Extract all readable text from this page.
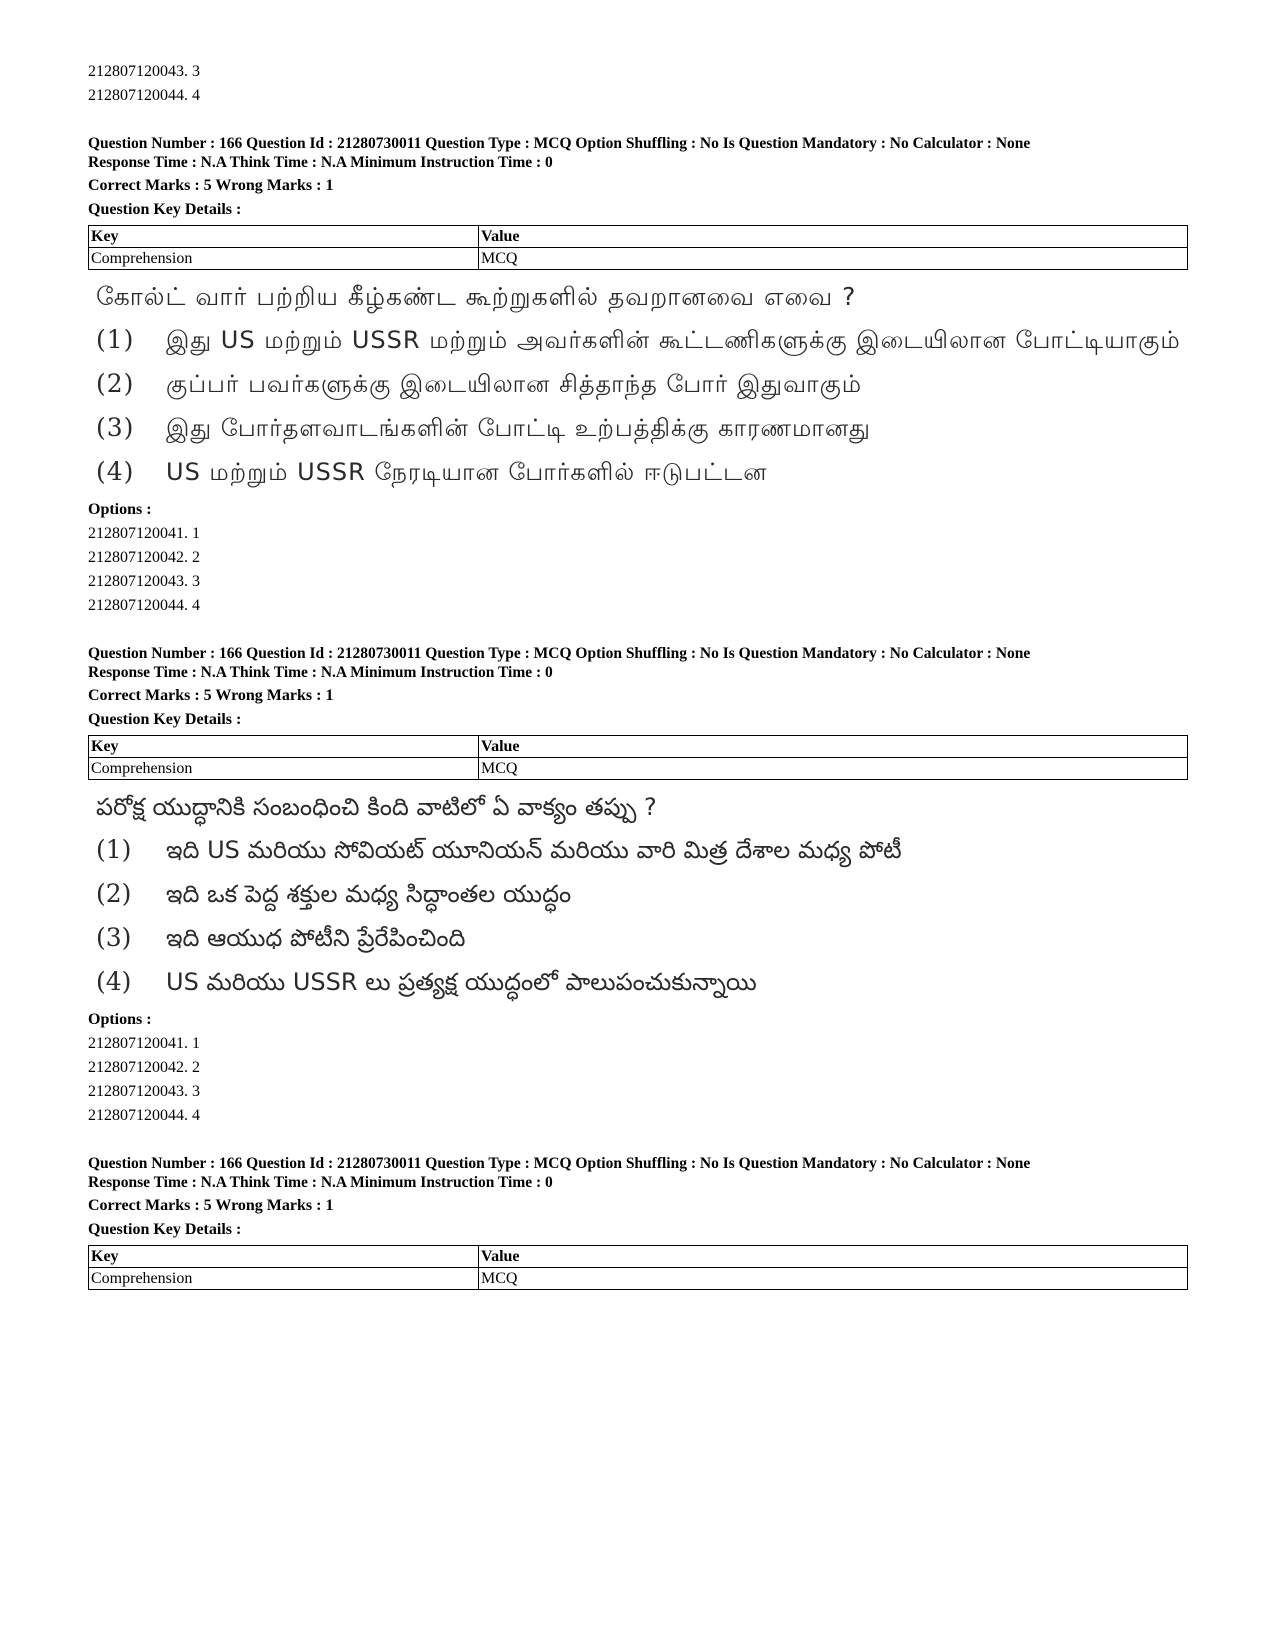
212807120043. 3
212807120044. 4
Question Number : 166 Question Id : 21280730011 Question Type : MCQ Option Shuffling : No Is Question Mandatory : No Calculator : None
Response Time : N.A Think Time : N.A Minimum Instruction Time : 0
Correct Marks : 5 Wrong Marks : 1
Question Key Details :
Key	Value
Comprehension	MCQ
கோல்ட் வார் பற்றிய கீழ்கண்ட கூற்றுகளில் தவறானவை எவை ?
(1)	இது US மற்றும் USSR மற்றும் அவர்களின் கூட்டணிகளுக்கு இடையிலான போட்டியாகும்
(2)	குப்பர் பவர்களுக்கு இடையிலான சித்தாந்த போர் இதுவாகும்
(3)	இது போர்தளவாடங்களின் போட்டி உற்பத்திக்கு காரணமானது
(4)	US மற்றும் USSR நேரடியான போர்களில் ஈடுபட்டன
Options :
212807120041. 1
212807120042. 2
212807120043. 3
212807120044. 4
Question Number : 166 Question Id : 21280730011 Question Type : MCQ Option Shuffling : No Is Question Mandatory : No Calculator : None
Response Time : N.A Think Time : N.A Minimum Instruction Time : 0
Correct Marks : 5 Wrong Marks : 1
Question Key Details :
Key	Value
Comprehension	MCQ
పరోక్ష యుద్ధానికి సంబంధించి కింది వాటిలో ఏ వాక్యం తప్పు ?
(1)	ఇది US మరియు సోవియట్ యూనియన్ మరియు వారి మిత్ర దేశాల మధ్య పోటీ
(2)	ఇది ఒక పెద్ద శక్తుల మధ్య సిద్ధాంతల యుద్ధం
(3)	ఇది ఆయుధ పోటీని ప్రేరేపించింది
(4)	US మరియు USSR లు ప్రత్యక్ష యుద్ధంలో పాలుపంచుకున్నాయి
Options :
212807120041. 1
212807120042. 2
212807120043. 3
212807120044. 4
Question Number : 166 Question Id : 21280730011 Question Type : MCQ Option Shuffling : No Is Question Mandatory : No Calculator : None
Response Time : N.A Think Time : N.A Minimum Instruction Time : 0
Correct Marks : 5 Wrong Marks : 1
Question Key Details :
Key	Value
Comprehension	MCQ
